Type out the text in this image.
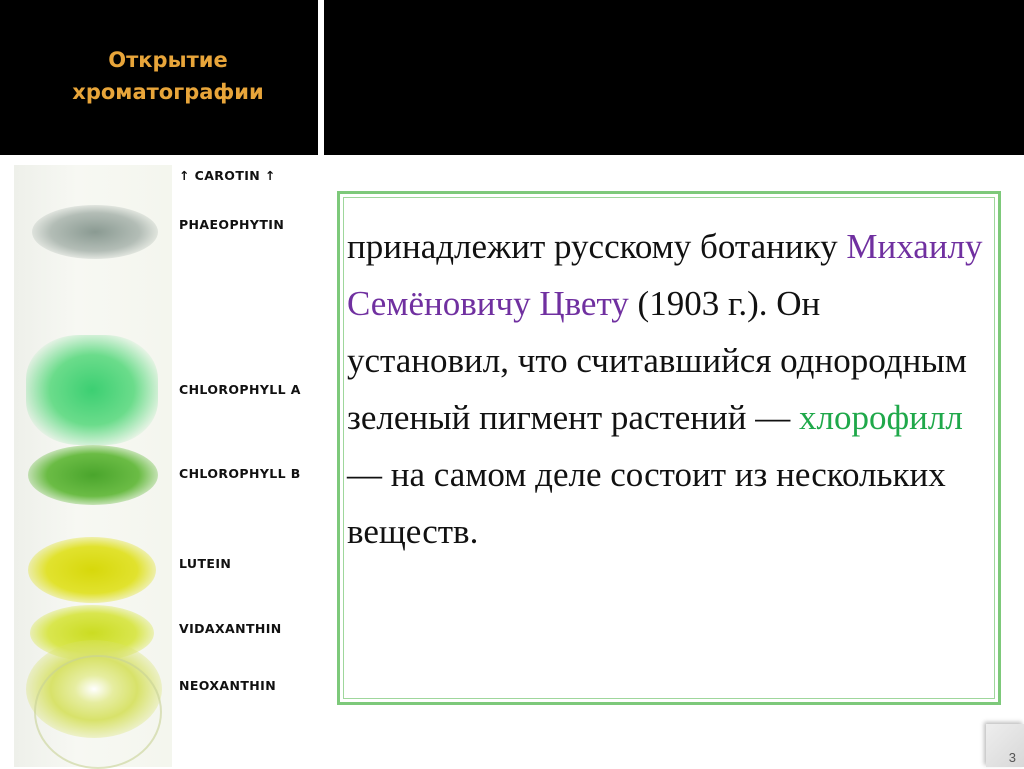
Открытие хроматографии

↑ CAROTIN ↑

PHAEOPHYTIN

CHLOROPHYLL A

CHLOROPHYLL B

LUTEIN

VIDAXANTHIN

NEOXANTHIN

принадлежит русскому ботанику Михаилу Семёновичу Цвету (1903 г.). Он установил, что считавшийся однородным зеленый пигмент растений — хлорофилл — на самом деле состоит из нескольких веществ.

3
